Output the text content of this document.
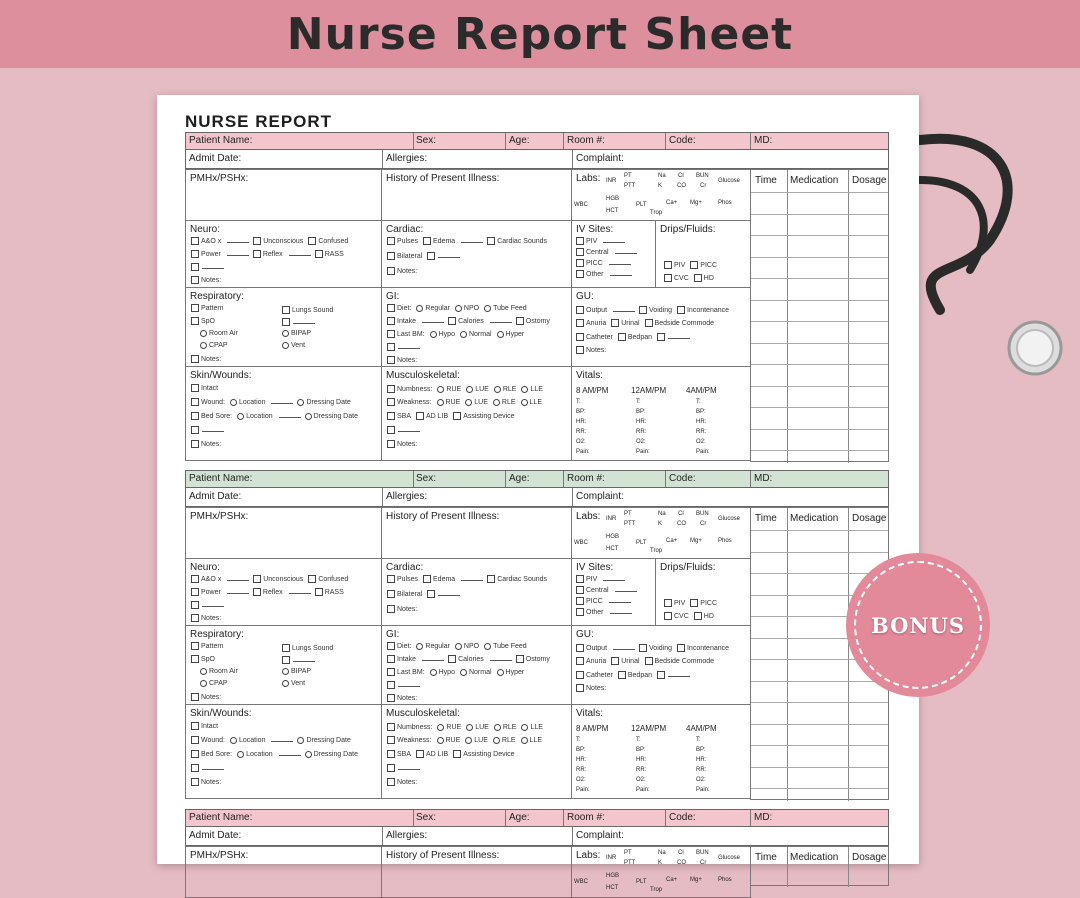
Nurse Report Sheet
NURSE REPORT
Patient Name:	Sex:	Age:	Room #:	Code:	MD:
Admit Date:	Allergies:	Complaint:
PMHx/PSHx:	History of Present Illness:	Labs: INR
PT
PTT
Na Cl BUN
K CO Cr
Glucose
WBC
HGB
HCT
PLT	Ca+ Mg+	Phos
Trop
Neuro:
A&O x	Unconscious Confused
Power	Reflex	RASS
Notes:
Cardiac:
Pulses Edema	Cardiac Sounds
Bilateral
Notes:
IV Sites:
PIV
Central
PICC
Other
Drips/Fluids:
PIV PICC
CVC HD
Respiratory:
Pattern	Lungs Sound
SpO
Room Air	BIPAP
CPAP	Vent
Notes:
GI:
Diet: Regular NPO Tube Feed
Intake	Calories	Ostomy
Last BM: Hypo Normal Hyper
Notes:
GU:
Output	Voiding Incontenance
Anuria Urinal Bedside Commode
Catheter Bedpan
Notes:
Skin/Wounds:
Intact
Wound: Location	Dressing Date
Bed Sore: Location	Dressing Date
Notes:
Musculoskeletal:
Numbness: RUE LUE RLE LLE
Weakness: RUE LUE RLE LLE
SBA AD LIB Assisting Device
Notes:
Vitals:
8 AM/PM
T:
BP:
HR:
RR:
O2:
Pain:
12AM/PM
T:
BP:
HR:
RR:
O2:
Pain:
4AM/PM
T:
BP:
HR:
RR:
O2:
Pain:
Time Medication Dosage
Patient Name:	Sex:	Age:	Room #:	Code:	MD:
Admit Date:	Allergies:	Complaint:
PMHx/PSHx:	History of Present Illness:	Labs: INR
PT
PTT
Na Cl BUN
K CO Cr
Glucose
WBC
HGB
HCT
PLT	Ca+ Mg+	Phos
Trop
Neuro:
A&O x	Unconscious Confused
Power	Reflex	RASS
Notes:
Cardiac:
Pulses Edema	Cardiac Sounds
Bilateral
Notes:
IV Sites:
PIV
Central
PICC
Other
Drips/Fluids:
PIV PICC
CVC HD
Respiratory:
Pattern	Lungs Sound
SpO
Room Air	BIPAP
CPAP	Vent
Notes:
GI:
Diet: Regular NPO Tube Feed
Intake	Calories	Ostomy
Last BM: Hypo Normal Hyper
Notes:
GU:
Output	Voiding Incontenance
Anuria Urinal Bedside Commode
Catheter Bedpan
Notes:
Skin/Wounds:
Intact
Wound: Location	Dressing Date
Bed Sore: Location	Dressing Date
Notes:
Musculoskeletal:
Numbness: RUE LUE RLE LLE
Weakness: RUE LUE RLE LLE
SBA AD LIB Assisting Device
Notes:
Vitals:
8 AM/PM
T:
BP:
HR:
RR:
O2:
Pain:
12AM/PM
T:
BP:
HR:
RR:
O2:
Pain:
4AM/PM
T:
BP:
HR:
RR:
O2:
Pain:
Time Medication Dosage
Patient Name:	Sex:	Age:	Room #:	Code:	MD:
Admit Date:	Allergies:	Complaint:
PMHx/PSHx:	History of Present Illness:	Labs: INR
PT
PTT
Na Cl BUN
K CO Cr
Glucose
WBC
HGB
HCT
PLT	Ca+ Mg+	Phos
Trop
Time Medication Dosage
BONUS
